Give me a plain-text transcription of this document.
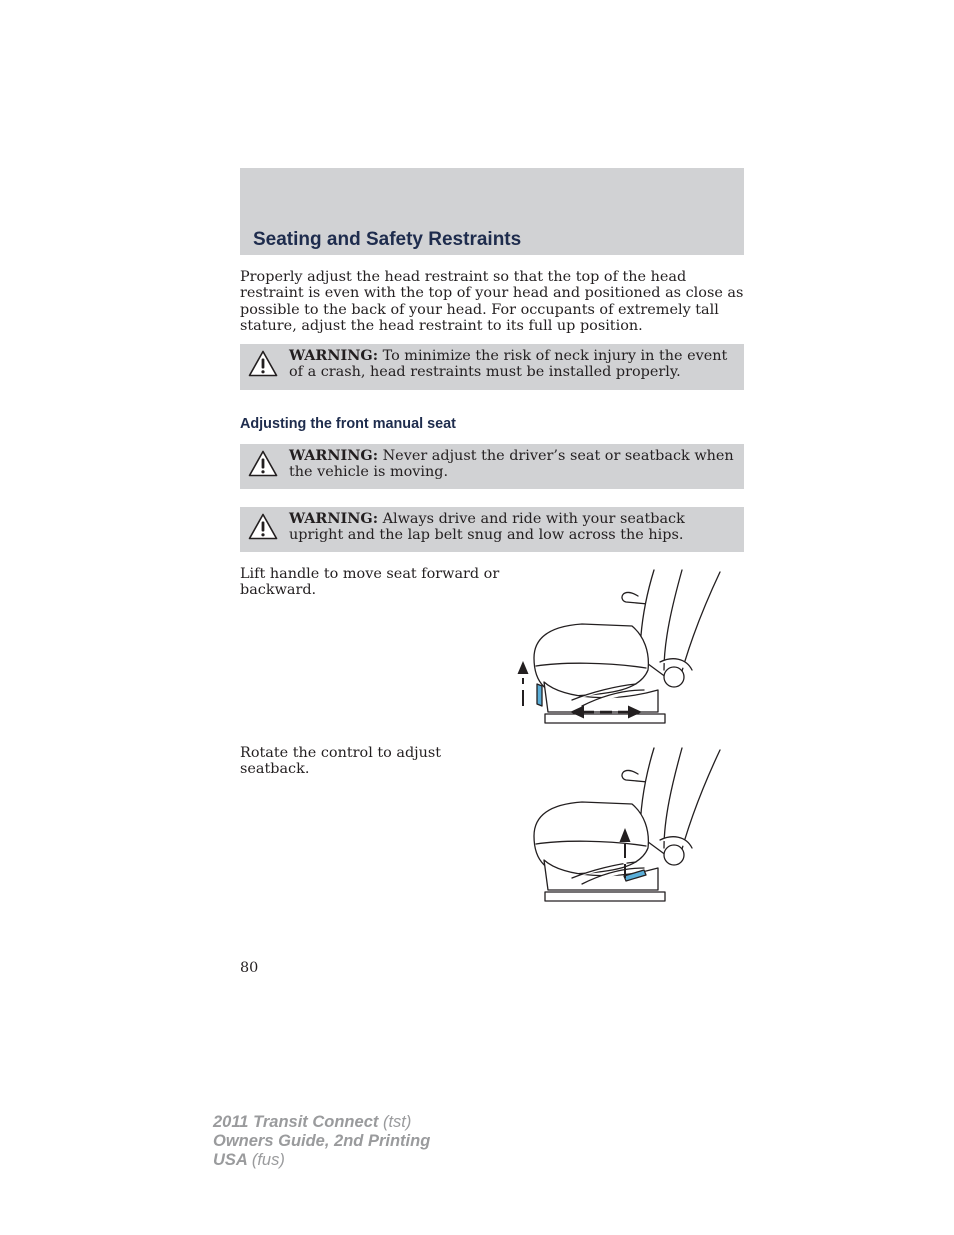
Seating and Safety Restraints

Properly adjust the head restraint so that the top of the head restraint is even with the top of your head and positioned as close as possible to the back of your head. For occupants of extremely tall stature, adjust the head restraint to its full up position.

WARNING: To minimize the risk of neck injury in the event of a crash, head restraints must be installed properly.
Adjusting the front manual seat
WARNING: Never adjust the driver’s seat or seatback when the vehicle is moving.
WARNING: Always drive and ride with your seatback upright and the lap belt snug and low across the hips.

Lift handle to move seat forward or backward.

Rotate the control to adjust seatback.

80
2011 Transit Connect (tst)
Owners Guide, 2nd Printing
USA (fus)
